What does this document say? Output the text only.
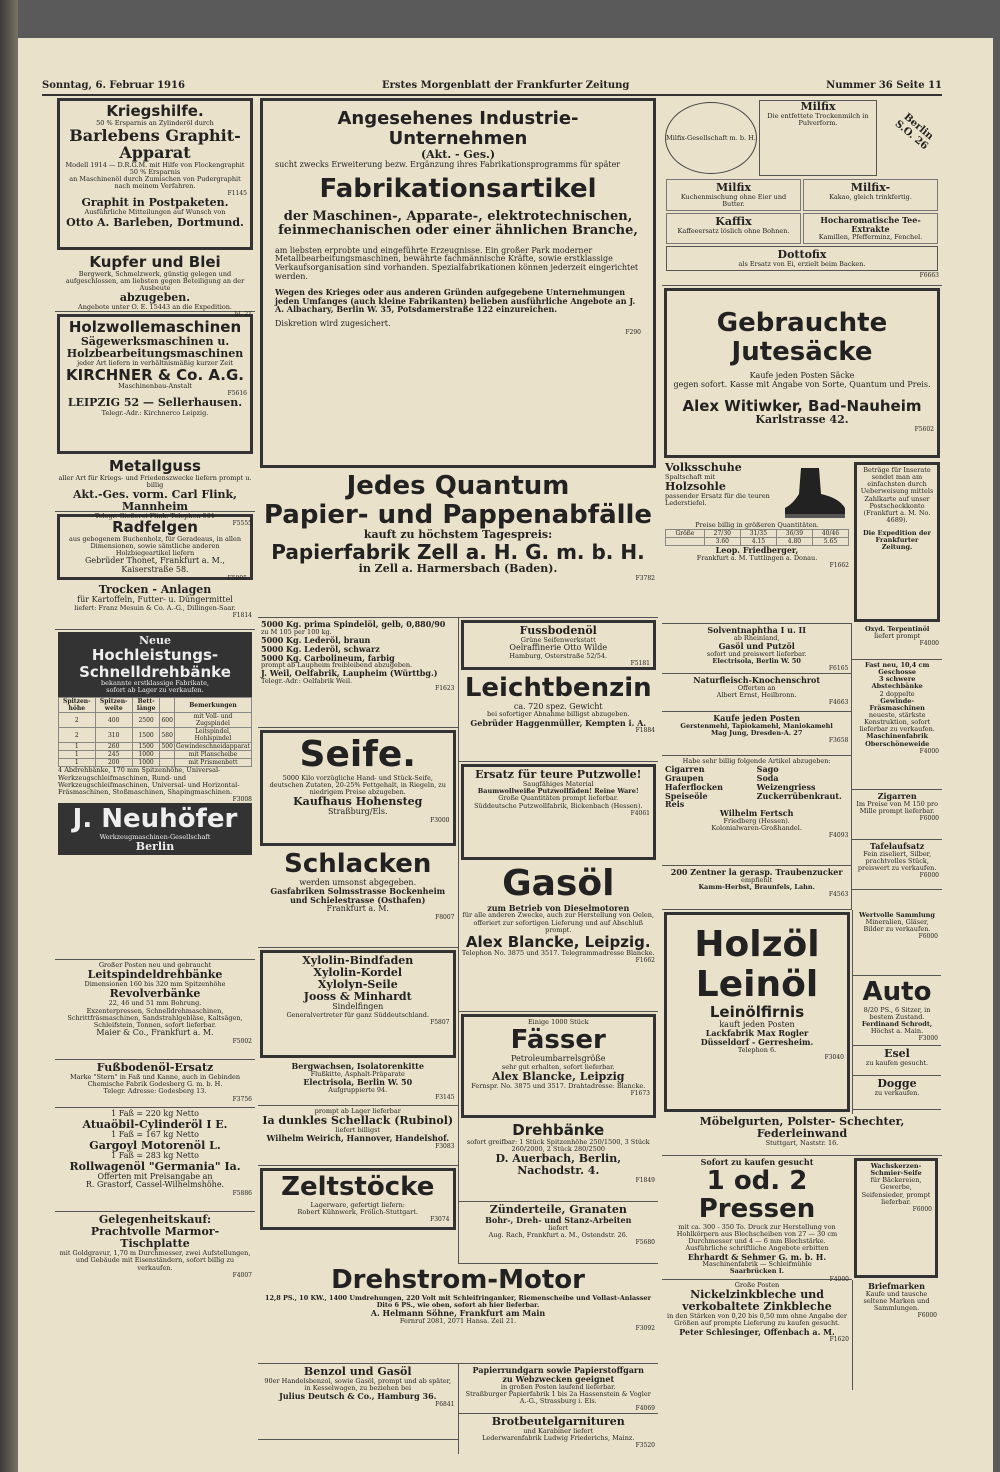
Sonntag, 6. Februar 1916	Erstes Morgenblatt der Frankfurter Zeitung	Nummer 36 Seite 11
Kriegshilfe.
50 % Ersparnis an Zylinderöl durch
Barlebens Graphit-Apparat
Modell 1914 — D.R.G.M. mit Hilfe von Flockengraphit
50 % Ersparnis
an Maschinenöl durch Zumischen von Pudergraphit nach meinem Verfahren.
F1145
Graphit in Postpaketen.
Ausführliche Mitteilungen auf Wunsch von
Otto A. Barleben, Dortmund.
Kupfer und Blei
Bergwerk, Schmelzwerk, günstig gelegen und aufgeschlossen, am liebsten gegen Beteiligung an der Ausbeute
abzugeben.
Angebote unter O. E. 15443 an die Expedition.
bl. 21
Holzwollemaschinen
Sägewerksmaschinen u.
Holzbearbeitungsmaschinen
jeder Art liefern in verhältnismäßig kurzer Zeit
KIRCHNER & Co. A.G.
Maschinenbau-Anstalt
F5616
LEIPZIG 52 — Sellerhausen.
Telegr.-Adr.: Kirchnerco Leipzig.
Metallguss
aller Art für Kriegs- und Friedenszwecke liefern prompt u. billig
Akt.-Ges. vorm. Carl Flink, Mannheim
Telegr. Gießerei Flink. Telephon 501
F5555
Radfelgen
aus gebogenem Buchenholz, für Geradeaus, in allen Dimensionen, sowie sämtliche anderen Holzbiegeartikel liefern
Gebrüder Thonet, Frankfurt a. M., Kaiserstraße 58.
F5805
Trocken - Anlagen
für Kartoffeln, Futter- u. Düngermittel
liefert: Franz Mesuin & Co. A.-G., Dillingen-Saar.
F1814
Neue
Hochleistungs-
Schnelldrehbänke
bekannte erstklassige Fabrikate,
sofort ab Lager zu verkaufen.
Spitzen-höhe	Spitzen-weite	Bett-länge		Bemerkungen
2	400	2500	600	mit Voll- und Zugspindel
2	310	1500	580	Leitspindel, Hohlspindel
1	260	1500	500	Gewindeschneidapparat
1	245	1000		mit Planscheibe
1	200	1000		mit Prismenbett
4 Abdrehbänke, 170 mm Spitzenhöhe, Universal-Werkzeugschleifmaschinen, Rund- und Werkzeugschleifmaschinen, Universal- und Horizontal-Fräsmaschinen, Stoßmaschinen, Shapingmaschinen.
F3008
J. Neuhöfer
Werkzeugmaschinen-Gesellschaft
Berlin
Großer Posten neu und gebraucht
Leitspindeldrehbänke
Dimensionen 160 bis 320 mm Spitzenhöhe
Revolverbänke
22, 46 und 51 mm Bohrung.
Exzenterpressen, Schnelldrehmaschinen, Schrittfräsmaschinen, Sandstrahlgebläse, Kaltsägen, Schleifstein, Tonnen, sofort lieferbar.
Maier & Co., Frankfurt a. M.
F5002
Fußbodenöl-Ersatz
Marke "Stern" in Faß und Kanne, auch in Gebinden
Chemische Fabrik Godesberg G. m. b. H.
Telegr. Adresse: Godesberg 13.
F3756
1 Faß = 220 kg Netto
Atuaöbil-Cylinderöl I E.
1 Faß = 167 kg Netto
Gargoyl Motorenöl L.
1 Faß = 283 kg Netto
Rollwagenöl "Germania" Ia.
Offerten mit Preisangabe an
R. Grastorf, Cassel-Wilhelmshöhe.
F5886
Gelegenheitskauf:
Prachtvolle Marmor-Tischplatte
mit Goldgravur, 1,70 m Durchmesser, zwei Aufstellungen, und Gebäude mit Eisenständern, sofort billig zu verkaufen.
F4007
Angesehenes Industrie-Unternehmen
(Akt. - Ges.)
sucht zwecks Erweiterung bezw. Ergänzung ihres Fabrikationsprogramms für später
Fabrikationsartikel
der Maschinen-, Apparate-, elektrotechnischen, feinmechanischen oder einer ähnlichen Branche,
am liebsten erprobte und eingeführte Erzeugnisse. Ein großer Park moderner Metallbearbeitungsmaschinen, bewährte fachmännische Kräfte, sowie erstklassige Verkaufsorganisation sind vorhanden. Spezialfabrikationen können jederzeit eingerichtet werden.
Wegen des Krieges oder aus anderen Gründen aufgegebene Unternehmungen jeden Umfanges (auch kleine Fabrikanten) belieben ausführliche Angebote an J. A. Albachary, Berlin W. 35, Potsdamerstraße 122 einzureichen.
Diskretion wird zugesichert.
F290
Jedes Quantum
Papier- und Pappenabfälle
kauft zu höchstem Tagespreis:
Papierfabrik Zell a. H. G. m. b. H.
in Zell a. Harmersbach (Baden).
F3782
5000 Kg. prima Spindelöl, gelb, 0,880/90
zu M 105 per 100 kg.
5000 Kg. Lederöl, braun
5000 Kg. Lederöl, schwarz
5000 Kg. Carbolineum, farbig
prompt ab Laupheim freibleibend abzugeben.
J. Weil, Oelfabrik, Laupheim (Württbg.)
Telegr.-Adr.: Oelfabrik Weil.
F1623
Seife.
5000 Kilo vorzügliche Hand- und Stück-Seife, deutschen Zutaten, 20-25% Fettgehalt, in Riegeln, zu niedrigem Preise abzugeben.
Kaufhaus Hohensteg
Straßburg/Els.
F3000
Schlacken
werden umsonst abgegeben.
Gasfabriken Solmsstrasse Bockenheim und Schielestrasse (Osthafen)
Frankfurt a. M.
F8007
Xylolin-Bindfaden
Xylolin-Kordel
Xylolyn-Seile
Jooss & Minhardt
Sindelfingen
Generalvertreter für ganz Süddeutschland.
F5807
Bergwachsen, Isolatorenkitte
Flußkitte, Asphalt-Präparate
Electrisola, Berlin W. 50
Aufgruppierte 94.
F3145
prompt ab Lager lieferbar
Ia dunkles Schellack (Rubinol)
liefert billigst
Wilhelm Weirich, Hannover, Handelshof.
F3083
Zeltstöcke
Lagerware, gefertigt liefern:
Robert Kühnwerk, Frölich-Stuttgart.
F3074
Fussbodenöl
Grüne Seifenwerkstatt
Oelraffinerie Otto Wilde
Hamburg, Osterstraße 52/54.
F5181
Leichtbenzin
ca. 720 spez. Gewicht
bei sofortiger Abnahme billigst abzugeben.
Gebrüder Haggenmüller, Kempten i. A.
F1884
Ersatz für teure Putzwolle!
Saugfähiges Material
Baumwollweiße Putzwollfäden! Reine Ware!
Große Quantitäten prompt lieferbar.
Süddeutsche Putzwollfabrik, Bickenbach (Hessen).
F4061
Gasöl
zum Betrieb von Dieselmotoren
für alle anderen Zwecke, auch zur Herstellung von Oelen, offeriert zur sofortigen Lieferung und auf Abschluß prompt.
Alex Blancke, Leipzig.
Telephon No. 3875 und 3517. Telegrammadresse Blancke.
F1662
Einige 1000 Stück
Fässer
Petroleumbarrelsgröße
sehr gut erhalten, sofort lieferbar.
Alex Blancke, Leipzig
Fernspr. No. 3875 und 3517. Drahtadresse: Blancke.
F1673
Drehbänke
sofort greifbar: 1 Stück Spitzenhöhe 250/1500, 3 Stück 260/2000, 2 Stück 280/2500
D. Auerbach, Berlin, Nachodstr. 4.
F1849
Zünderteile, Granaten
Bohr-, Dreh- und Stanz-Arbeiten
liefert
Aug. Rach, Frankfurt a. M., Ostendstr. 26.
F5680
Drehstrom-Motor
12,8 PS., 10 KW., 1400 Umdrehungen, 220 Volt mit Schleifringanker, Riemenscheibe und Vollast-Anlasser
Dito 6 PS., wie oben, sofort ab hier lieferbar.
A. Helmann Söhne, Frankfurt am Main
Fernruf 2081, 2071 Hansa. Zeil 21.
F3092
Benzol und Gasöl
90er Handelsbenzol, sowie Gasöl, prompt und ab später, in Kesselwagen, zu beziehen bei
Julius Deutsch & Co., Hamburg 36.
F6841
Papierrundgarn sowie Papierstoffgarn
zu Webzwecken geeignet
in großen Posten laufend lieferbar.
Straßburger Papierfabrik 1 bis 2a Hassenstein & Vogler A.-G., Strassburg i. Els.
F4069
Brotbeutelgarnituren
und Karabiner liefert
Lederwarenfabrik Ludwig Friederichs, Mainz.
F3520
Milfix-Gesellschaft m. b. H.
Milfix
Die entfettete Trockenmilch in Pulverform.	Berlin S.O. 26
Milfix
Kuchenmischung ohne Eier und Butter.
Milfix-
Kakao, gleich trinkfertig.
Kaffix
Kaffeeersatz löslich ohne Bohnen.
Hocharomatische Tee-Extrakte
Kamillen, Pfefferminz, Fenchel.
Dottofix
als Ersatz von Ei, erzielt beim Backen.
F6663
Gebrauchte Jutesäcke
Kaufe jeden Posten Säcke
gegen sofort. Kasse mit Angabe von Sorte, Quantum und Preis.
Alex Witiwker, Bad-Nauheim
Karlstrasse 42.
F5602
Volksschuhe
Spaltschaft mit
Holzsohle
passender Ersatz für die teuren Lederstiefel.
Preise billig in größeren Quantitäten.
Größe	27/30	31/35	36/39	40/46
	3.60	4.15	4.80	5.65
Leop. Friedberger,
Frankfurt a. M. Tuttlingen a. Donau.
F1662
Beträge für Inserate sendet man am einfachsten durch Ueberweisung mittels Zahlkarte auf unser Postscheckkonto (Frankfurt a. M. No. 4689).
Die Expedition der Frankfurter Zeitung.
Solventnaphtha I u. II
ab Rheinland,
Gasöl und Putzöl
sofort und preiswert lieferbar.
Electrisola, Berlin W. 50
F6165
Naturfleisch-Knochenschrot
Offerten an
Albert Ernst, Heilbronn.
F4663
Kaufe jeden Posten
Gerstenmehl, Tapiokamehl, Maniokamehl
Mag Jung, Dresden-A. 27
F3658
Habe sehr billig folgende Artikel abzugeben:
Cigarren
Graupen
Haferflocken
Speiseöle
Reis
Sago
Soda
Weizengriess
Zuckerrübenkraut.
Wilhelm Fertsch
Friedberg (Hessen).
Kolonialwaren-Großhandel.
F4093
200 Zentner la gerasp. Traubenzucker
empfiehlt
Kamm-Herbst, Braunfels, Lahn.
F4563
Oxyd. Terpentinöl
liefert prompt
F4000
Fast neu, 10,4 cm Geschosse
3 schwere Abstechbänke
2 doppelte
Gewinde-Fräsmaschinen
neueste, stärkste Konstruktion, sofort lieferbar zu verkaufen.
Maschinenfabrik Oberschöneweide
F4000
Zigarren
Im Preise von M 150 pro Mille prompt lieferbar.
F6000
Tafelaufsatz
Fein ziseliert, Silber, prachtvolles Stück, preiswert zu verkaufen.
F6000
Holzöl
Leinöl
Leinölfirnis
kauft jeden Posten
Lackfabrik Max Rogler
Düsseldorf - Gerresheim.
Telephon 6.
F3040
Wertvolle Sammlung
Mineralien, Gläser, Bilder zu verkaufen.
F6000
Auto
8/20 PS., 6 Sitzer, in bestem Zustand.
Ferdinand Schrodt,
Höchst a. Main.
F3000
Esel
zu kaufen gesucht.
Dogge
zu verkaufen.
Möbelgurten, Polster- Schechter,
Federleinwand
Stuttgart, Naststr. 16.
Sofort zu kaufen gesucht
1 od. 2 Pressen
mit ca. 300 - 350 To. Druck zur Herstellung von Hohlkörpern aus Blechscheiben von 27 — 30 cm Durchmesser und 4 — 6 mm Blechstärke.
Ausführliche schriftliche Angebote erbitten
Ehrhardt & Sehmer G. m. b. H.
Maschinenfabrik — Schleifmühle
Saarbrücken I.
F4000
Wachskerzen-Schmier-Seife
für Bäckereien, Gewerbe, Seifensieder, prompt lieferbar.
F6000
Große Posten
Nickelzinkbleche und
verkobaltete Zinkbleche
in den Stärken von 0,20 bis 0,50 mm ohne Angabe der Größen auf prompte Lieferung zu kaufen gesucht.
Peter Schlesinger, Offenbach a. M.
F1620
Briefmarken
Kaufe und tausche seltene Marken und Sammlungen.
F6000
